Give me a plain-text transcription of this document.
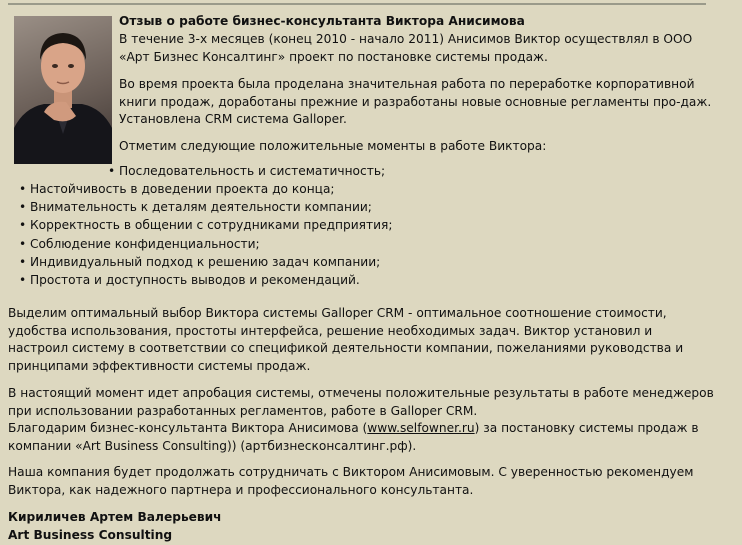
Отзыв о работе бизнес-консультанта Виктора Анисимова

В течение 3-х месяцев (конец 2010 - начало 2011) Анисимов Виктор осуществлял в ООО «Арт Бизнес Консалтинг» проект по постановке системы продаж.

Во время проекта была проделана значительная работа по переработке корпоративной книги продаж, доработаны прежние и разработаны новые основные регламенты про-даж. Установлена CRM система Galloper.

Отметим следующие положительные моменты в работе Виктора:

• Последовательность и систематичность;
• Настойчивость в доведении проекта до конца;
• Внимательность к деталям деятельности компании;
• Корректность в общении с сотрудниками предприятия;
• Соблюдение конфиденциальности;
• Индивидуальный подход к решению задач компании;
• Простота и доступность выводов и рекомендаций.

Выделим оптимальный выбор Виктора системы Galloper CRM - оптимальное соотношение стоимости, удобства использования, простоты интерфейса, решение необходимых задач. Виктор установил и настроил систему в соответствии со спецификой деятельности компании, пожеланиями руководства и принципами эффективности системы продаж.

В настоящий момент идет апробация системы, отмечены положительные результаты в работе менеджеров при использовании разработанных регламентов, работе в Galloper CRM.

Благодарим бизнес-консультанта Виктора Анисимова (www.selfowner.ru) за постановку системы продаж в компании «Art Business Consulting)) (артбизнесконсалтинг.рф).

Наша компания будет продолжать сотрудничать с Виктором Анисимовым. С уверенностью рекомендуем Виктора, как надежного партнера и профессионального консультанта.

Кириличев Артем Валерьевич
Art Business Consulting
